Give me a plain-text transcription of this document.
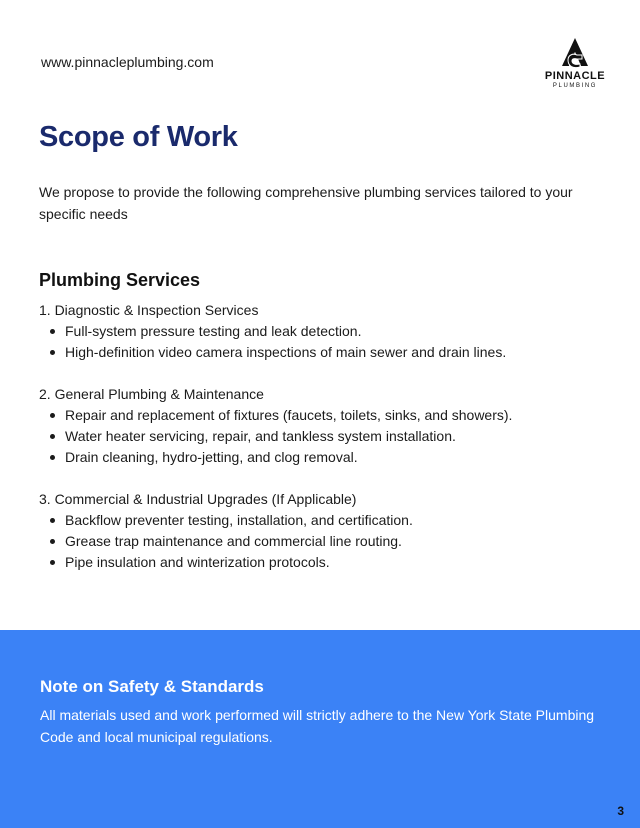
www.pinnacleplumbing.com
PINNACLE
PLUMBING
Scope of Work

We propose to provide the following comprehensive plumbing services tailored to your specific needs

Plumbing Services
1. Diagnostic & Inspection Services
Full-system pressure testing and leak detection.
High-definition video camera inspections of main sewer and drain lines.
2. General Plumbing & Maintenance
Repair and replacement of fixtures (faucets, toilets, sinks, and showers).
Water heater servicing, repair, and tankless system installation.
Drain cleaning, hydro-jetting, and clog removal.
3. Commercial & Industrial Upgrades (If Applicable)
Backflow preventer testing, installation, and certification.
Grease trap maintenance and commercial line routing.
Pipe insulation and winterization protocols.
Note on Safety & Standards

All materials used and work performed will strictly adhere to the New York State Plumbing Code and local municipal regulations.

3
